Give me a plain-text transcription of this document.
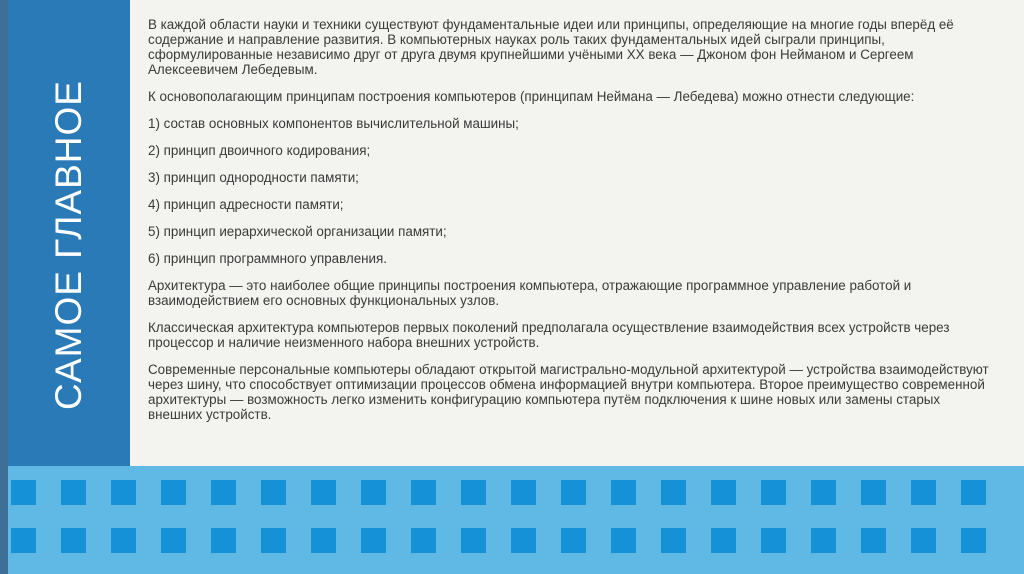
САМОЕ ГЛАВНОЕ

В каждой области науки и техники существуют фундаментальные идеи или принципы, определяющие на многие годы вперёд её содержание и направление развития. В компьютерных науках роль таких фундаментальных идей сыграли принципы, сформулированные независимо друг от друга двумя крупнейшими учёными XX века — Джоном фон Нейманом и Сергеем Алексеевичем Лебедевым.

К основополагающим принципам построения компьютеров (принципам Неймана — Лебедева) можно отнести следующие:

1) состав основных компонентов вычислительной машины;

2) принцип двоичного кодирования;

3) принцип однородности памяти;

4) принцип адресности памяти;

5) принцип иерархической организации памяти;

6) принцип программного управления.

Архитектура — это наиболее общие принципы построения компьютера, отражающие программное управление работой и взаимодействием его основных функциональных узлов.

Классическая архитектура компьютеров первых поколений предполагала осуществление взаимодействия всех устройств через процессор и наличие неизменного набора внешних устройств.

Современные персональные компьютеры обладают открытой магистрально-модульной архитектурой — устройства взаимодействуют через шину, что способствует оптимизации процессов обмена информацией внутри компьютера. Второе преимущество современной архитектуры — возможность легко изменить конфигурацию компьютера путём подключения к шине новых или замены старых внешних устройств.
